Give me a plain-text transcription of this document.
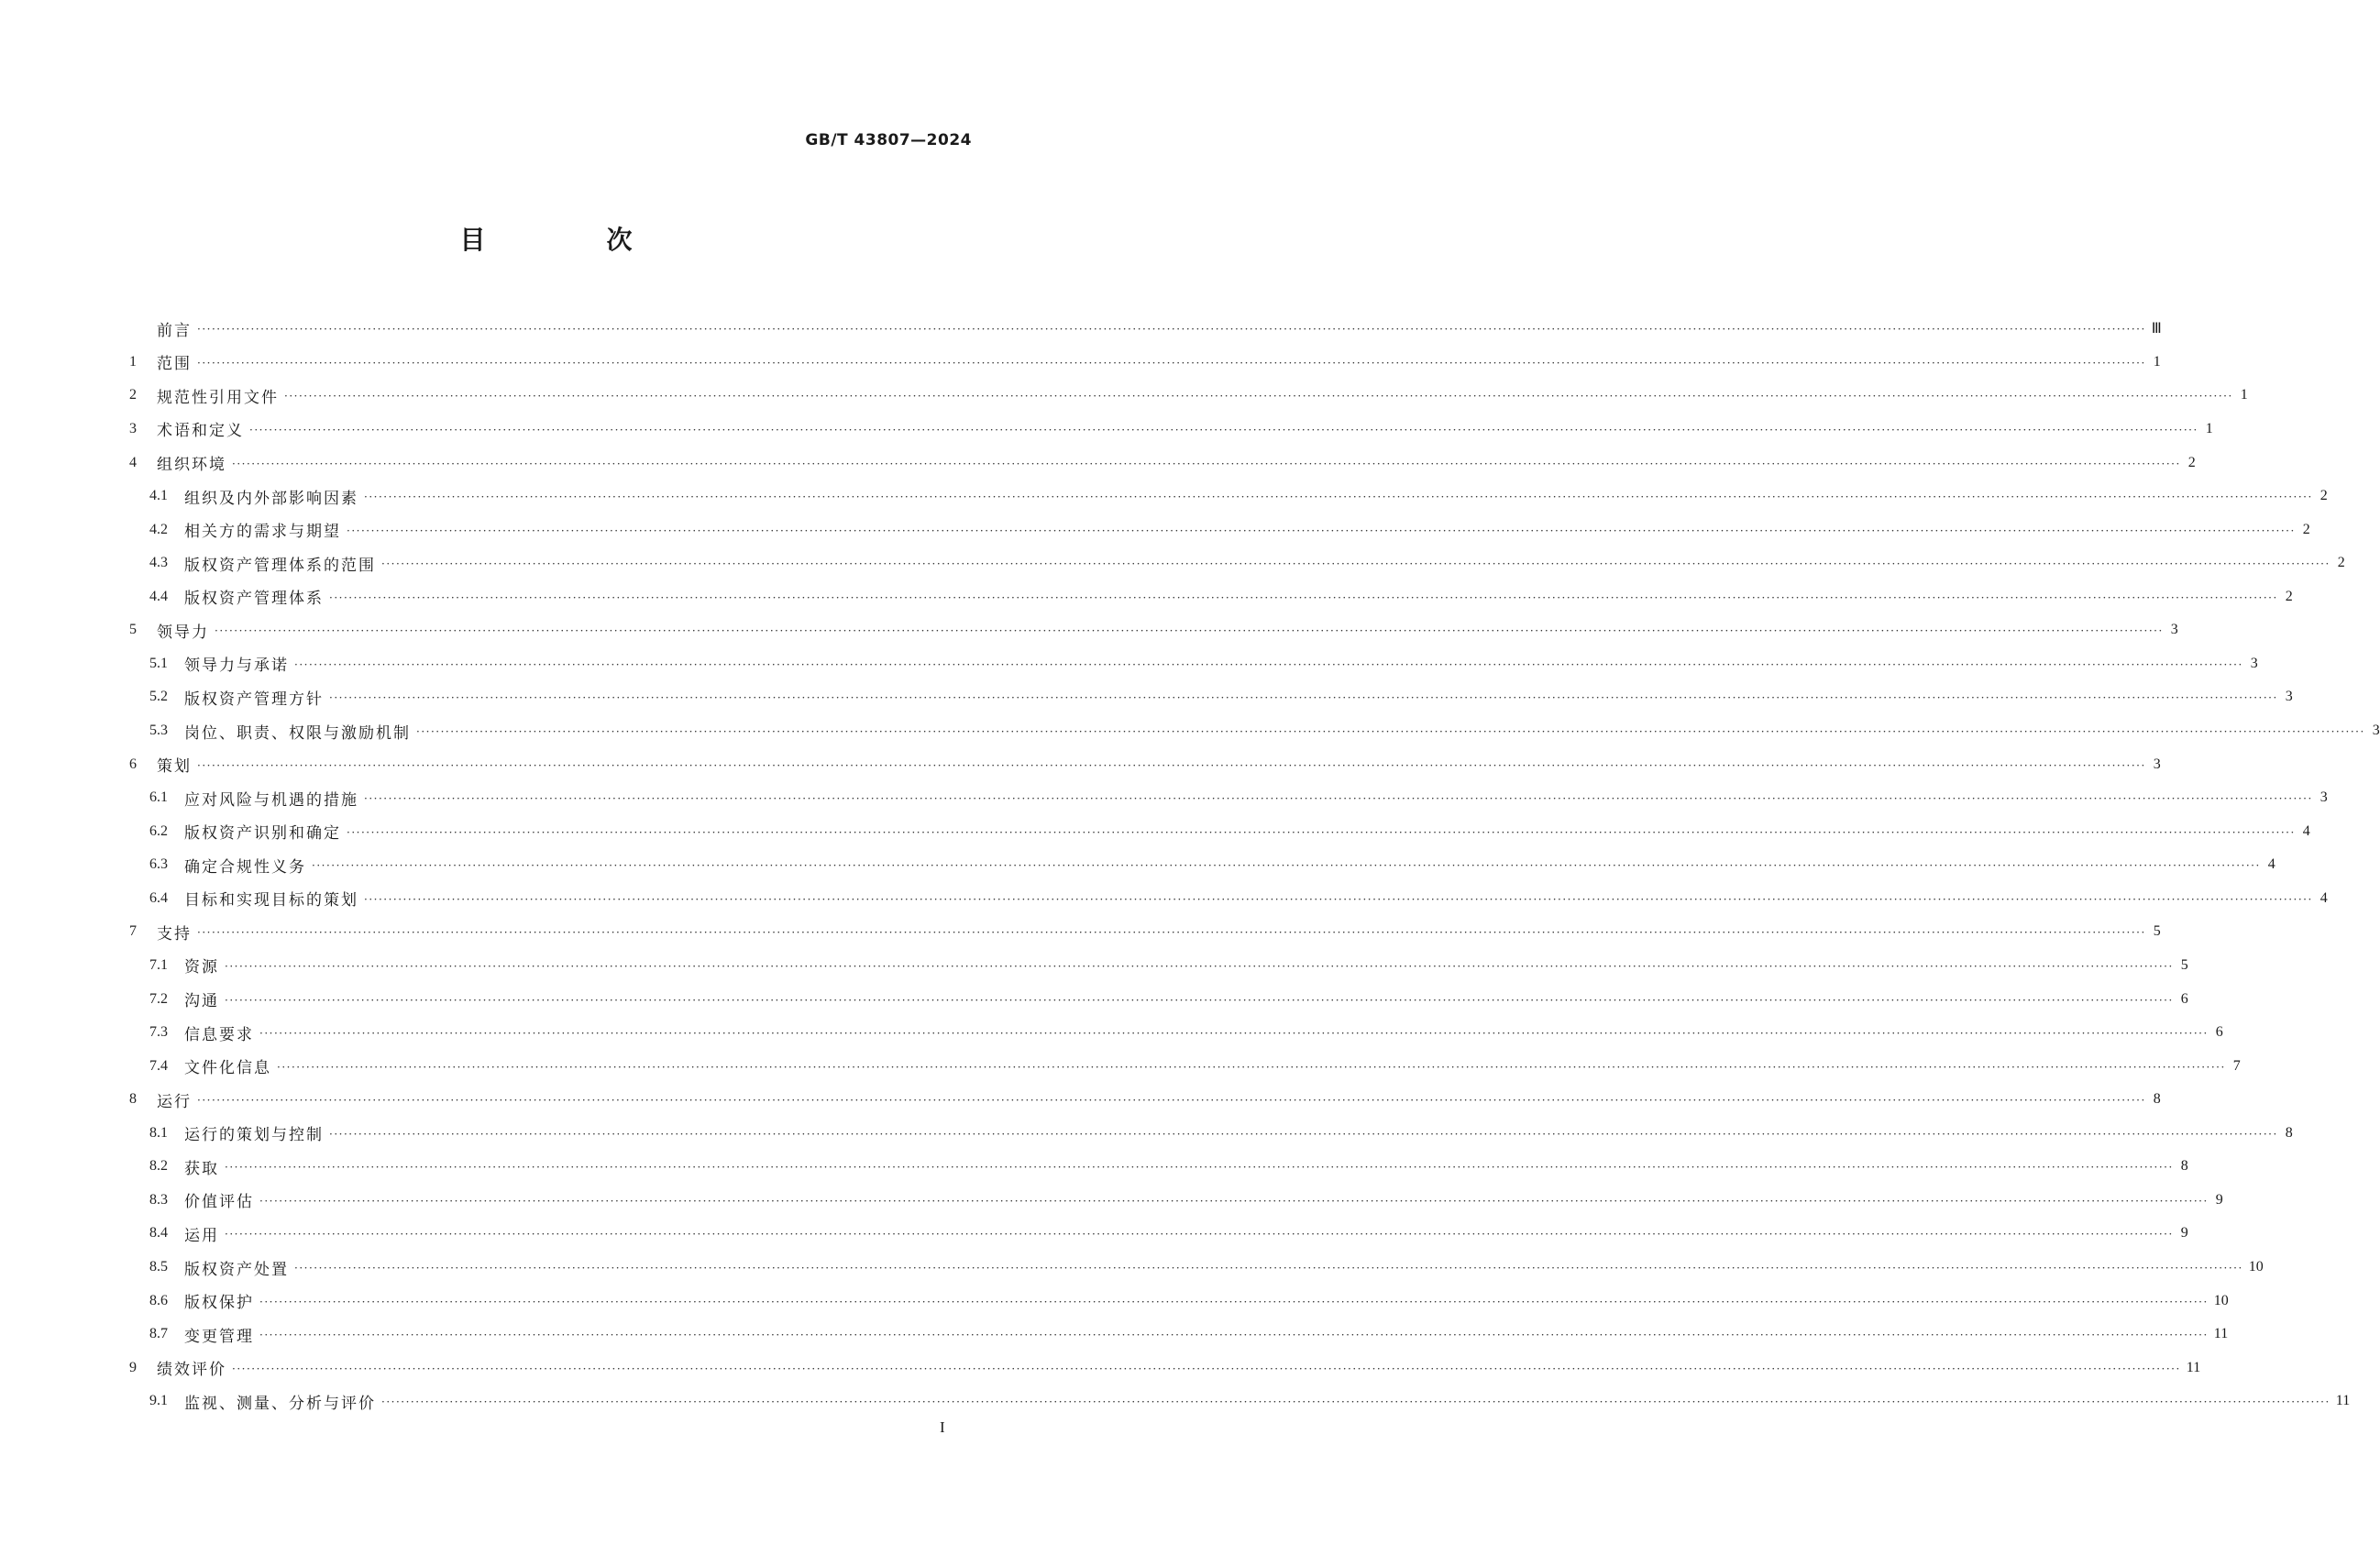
GB/T 43807—2024
目　次
前言 ················································································································································································································································································································································································································ Ⅲ
1	范围 ················································································································································································································································································································································································································ 1
2	规范性引用文件 ················································································································································································································································································································································································································ 1
3	术语和定义 ················································································································································································································································································································································································································ 1
4	组织环境 ················································································································································································································································································································································································································ 2
4.1	组织及内外部影响因素 ················································································································································································································································································································································································································ 2
4.2	相关方的需求与期望 ················································································································································································································································································································································································································ 2
4.3	版权资产管理体系的范围 ················································································································································································································································································································································································································ 2
4.4	版权资产管理体系 ················································································································································································································································································································································································································ 2
5	领导力 ················································································································································································································································································································································································································ 3
5.1	领导力与承诺 ················································································································································································································································································································································································································ 3
5.2	版权资产管理方针 ················································································································································································································································································································································································································ 3
5.3	岗位、职责、权限与激励机制 ················································································································································································································································································································································································································ 3
6	策划 ················································································································································································································································································································································································································ 3
6.1	应对风险与机遇的措施 ················································································································································································································································································································································································································ 3
6.2	版权资产识别和确定 ················································································································································································································································································································································································································ 4
6.3	确定合规性义务 ················································································································································································································································································································································································································ 4
6.4	目标和实现目标的策划 ················································································································································································································································································································································································································ 4
7	支持 ················································································································································································································································································································································································································ 5
7.1	资源 ················································································································································································································································································································································································································ 5
7.2	沟通 ················································································································································································································································································································································································································ 6
7.3	信息要求 ················································································································································································································································································································································································································ 6
7.4	文件化信息 ················································································································································································································································································································································································································ 7
8	运行 ················································································································································································································································································································································································································ 8
8.1	运行的策划与控制 ················································································································································································································································································································································································································ 8
8.2	获取 ················································································································································································································································································································································································································ 8
8.3	价值评估 ················································································································································································································································································································································································································ 9
8.4	运用 ················································································································································································································································································································································································································ 9
8.5	版权资产处置 ················································································································································································································································································································································································································ 10
8.6	版权保护 ················································································································································································································································································································································································································ 10
8.7	变更管理 ················································································································································································································································································································································································································ 11
9	绩效评价 ················································································································································································································································································································································································································ 11
9.1	监视、测量、分析与评价 ················································································································································································································································································································································································································ 11
I
